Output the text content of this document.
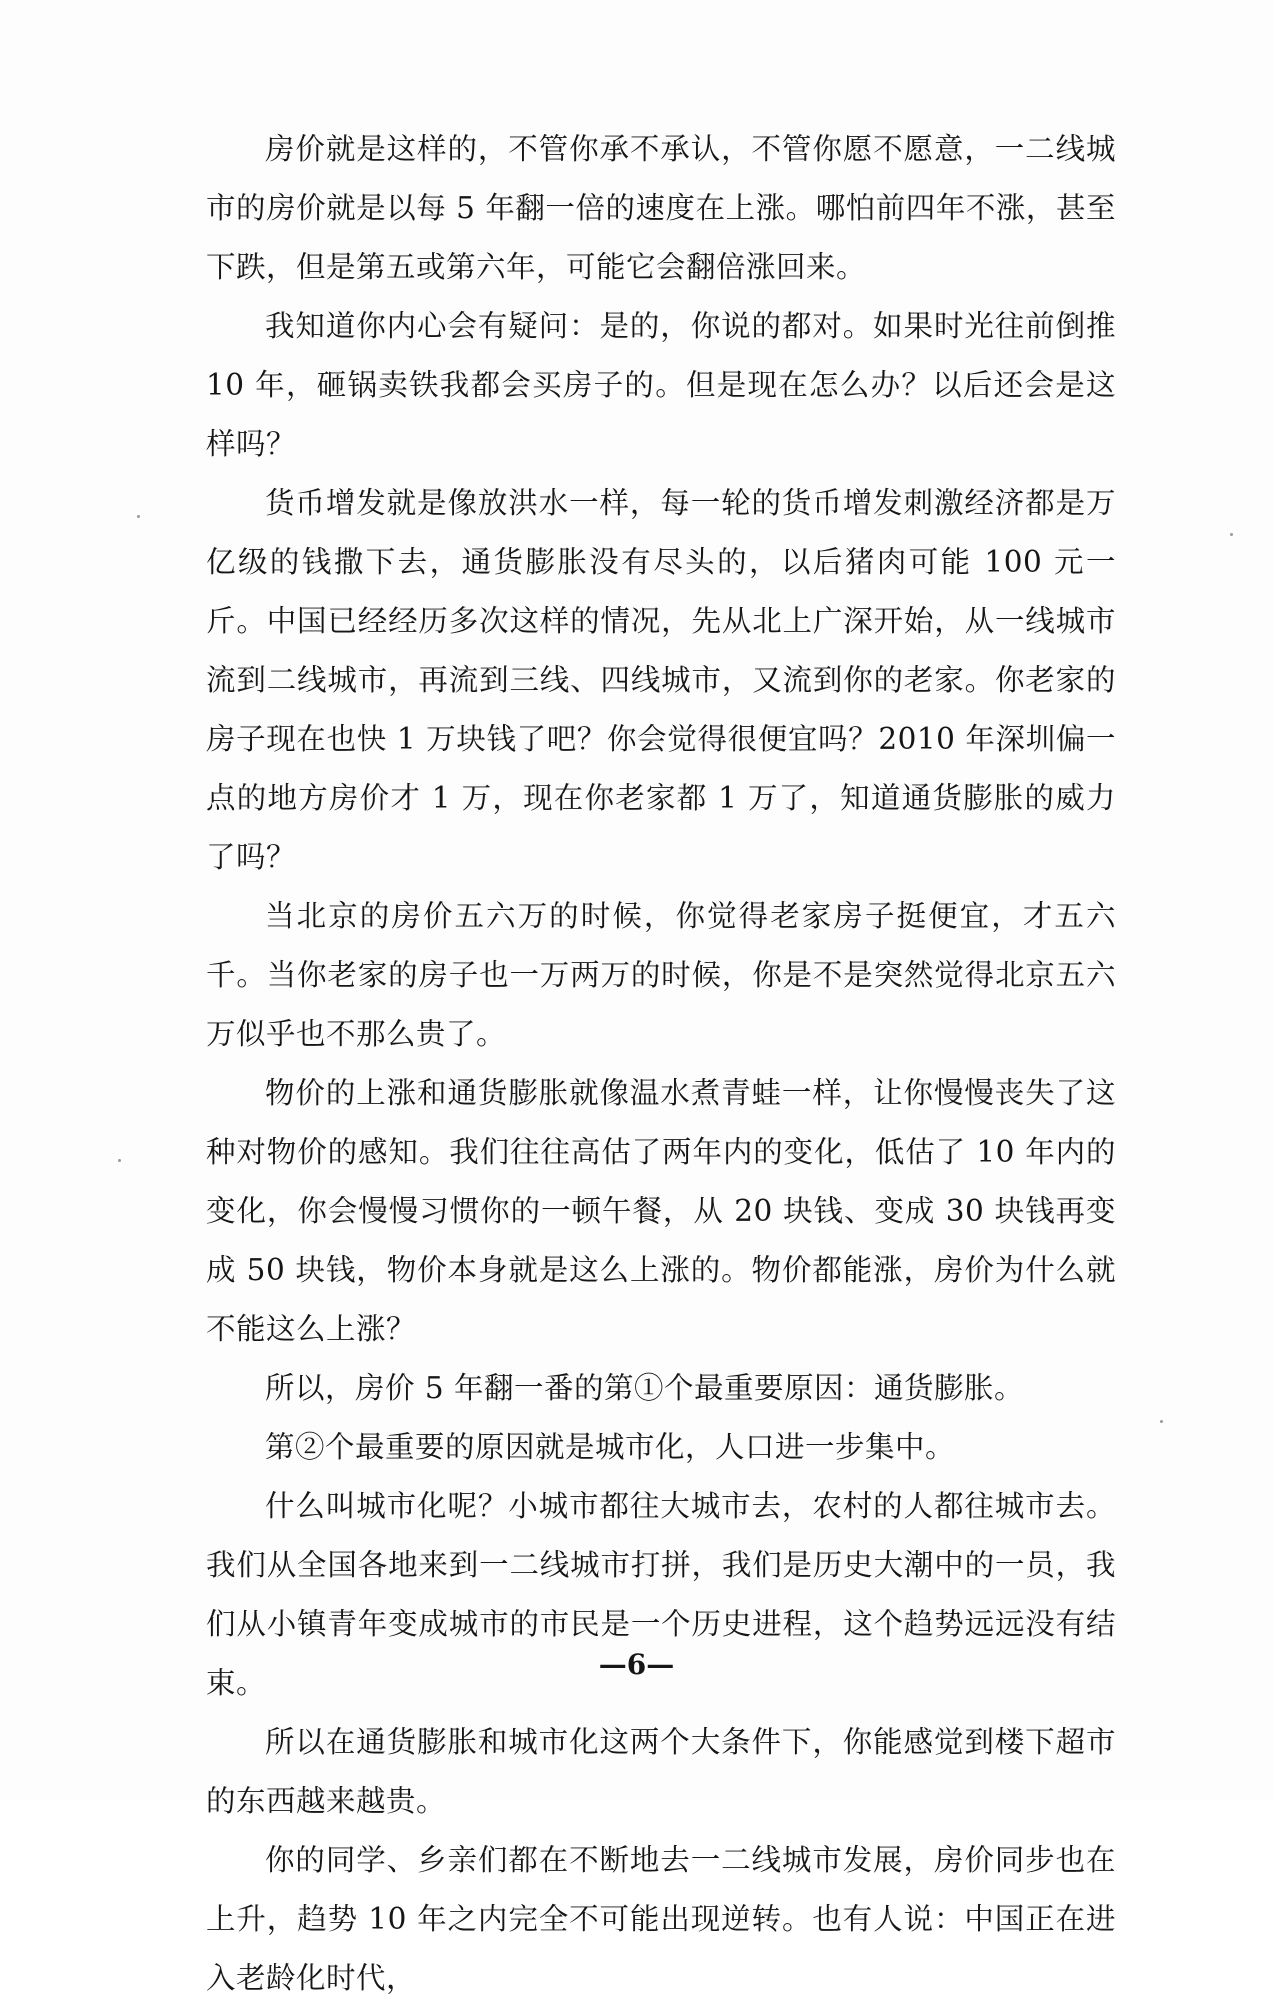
房价就是这样的，不管你承不承认，不管你愿不愿意，一二线城市的房价就是以每 5 年翻一倍的速度在上涨。哪怕前四年不涨，甚至下跌，但是第五或第六年，可能它会翻倍涨回来。

我知道你内心会有疑问：是的，你说的都对。如果时光往前倒推 10 年，砸锅卖铁我都会买房子的。但是现在怎么办？以后还会是这样吗？

货币增发就是像放洪水一样，每一轮的货币增发刺激经济都是万亿级的钱撒下去，通货膨胀没有尽头的，以后猪肉可能 100 元一斤。中国已经经历多次这样的情况，先从北上广深开始，从一线城市流到二线城市，再流到三线、四线城市，又流到你的老家。你老家的房子现在也快 1 万块钱了吧？你会觉得很便宜吗？2010 年深圳偏一点的地方房价才 1 万，现在你老家都 1 万了，知道通货膨胀的威力了吗？

当北京的房价五六万的时候，你觉得老家房子挺便宜，才五六千。当你老家的房子也一万两万的时候，你是不是突然觉得北京五六万似乎也不那么贵了。

物价的上涨和通货膨胀就像温水煮青蛙一样，让你慢慢丧失了这种对物价的感知。我们往往高估了两年内的变化，低估了 10 年内的变化，你会慢慢习惯你的一顿午餐，从 20 块钱、变成 30 块钱再变成 50 块钱，物价本身就是这么上涨的。物价都能涨，房价为什么就不能这么上涨？

所以，房价 5 年翻一番的第①个最重要原因：通货膨胀。

第②个最重要的原因就是城市化，人口进一步集中。

什么叫城市化呢？小城市都往大城市去，农村的人都往城市去。我们从全国各地来到一二线城市打拼，我们是历史大潮中的一员，我们从小镇青年变成城市的市民是一个历史进程，这个趋势远远没有结束。

所以在通货膨胀和城市化这两个大条件下，你能感觉到楼下超市的东西越来越贵。

你的同学、乡亲们都在不断地去一二线城市发展，房价同步也在上升，趋势 10 年之内完全不可能出现逆转。也有人说：中国正在进入老龄化时代，

—6—
